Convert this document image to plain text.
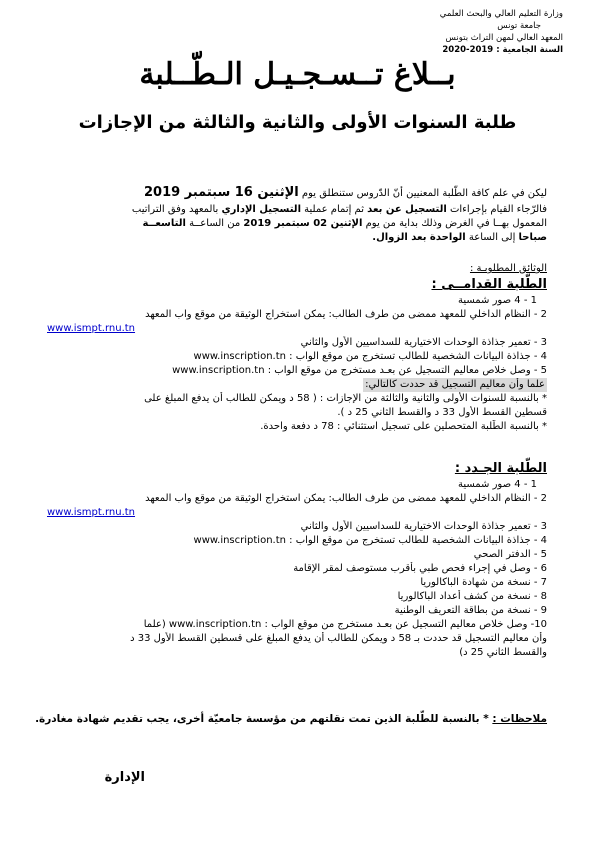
وزارة التعليم العالي والبحث العلمي
جامعة تونس
المعهد العالي لمهن التراث بتونس
السنة الجامعية : 2019-2020
بــلاغ تــسـجـيـل الـطّــلبة
طلبة السنوات الأولى والثانية والثالثة من الإجازات
ليكن في علم كافة الطّلبة المعنيين أنّ الدّروس ستنطلق يوم الإثنين 16 سبتمبر 2019
فالرّجاء القيام بإجراءات التسجيل عن بعد ثم إتمام عملية التسجيل الإداري بالمعهد وفق التراتيب
المعمول بهــا في الغرض وذلك بداية من يوم الإثنين 02 سبتمبر 2019 من الساعــة التاسعــة
صباحا إلى الساعة الواحدة بعد الزوال.
الوثائق المطلوبـة :
الطّلبة القدامــى :
1 - 4 صور شمسية
2 - النظام الداخلي للمعهد ممضى من طرف الطالب: يمكن استخراج الوثيقة من موقع واب المعهد
www.ismpt.rnu.tn
3 - تعمير جذاذة الوحدات الاختيارية للسداسيين الأول والثاني
4 - جذاذة البيانات الشخصية للطالب تستخرج من موقع الواب : www.inscription.tn
5 - وصل خلاص معاليم التسجيل عن بعـد مستخرج من موقع الواب : www.inscription.tn
علما وأن معاليم التسجيل قد حددت كالتالي:
* بالنسبة للسنوات الأولى والثانية والثالثة من الإجازات : ( 58 د ويمكن للطالب أن يدفع المبلغ على
قسطين القسط الأول 33 د والقسط الثاني 25 د ).
* بالنسبة الطّلبة المتحصلين على تسجيل استثنائي : 78 د دفعة واحدة.
الطّلبة الجـدد :
1 - 4 صور شمسية
2 - النظام الداخلي للمعهد ممضى من طرف الطالب: يمكن استخراج الوثيقة من موقع واب المعهد
www.ismpt.rnu.tn
3 - تعمير جذاذة الوحدات الاختيارية للسداسيين الأول والثاني
4 - جذاذة البيانات الشخصية للطالب تستخرج من موقع الواب : www.inscription.tn
5 - الدفتر الصحي
6 - وصل في إجراء فحص طبي بأقرب مستوصف لمقر الإقامة
7 - نسخة من شهادة الباكالوريا
8 - نسخة من كشف أعداد الباكالوريا
9 - نسخة من بطاقة التعريف الوطنية
10- وصل خلاص معاليم التسجيل عن بعـد مستخرج من موقع الواب : www.inscription.tn (علما
وأن معاليم التسجيل قد حددت بـ 58 د ويمكن للطالب أن يدفع المبلغ على قسطين القسط الأول 33 د
والقسط الثاني 25 د)
ملاحظات : * بالنسبة للطّلبة الذين تمت نقلتهم من مؤسسة جامعيّة أخرى، يجب تقديم شهادة مغادرة.
الإدارة
